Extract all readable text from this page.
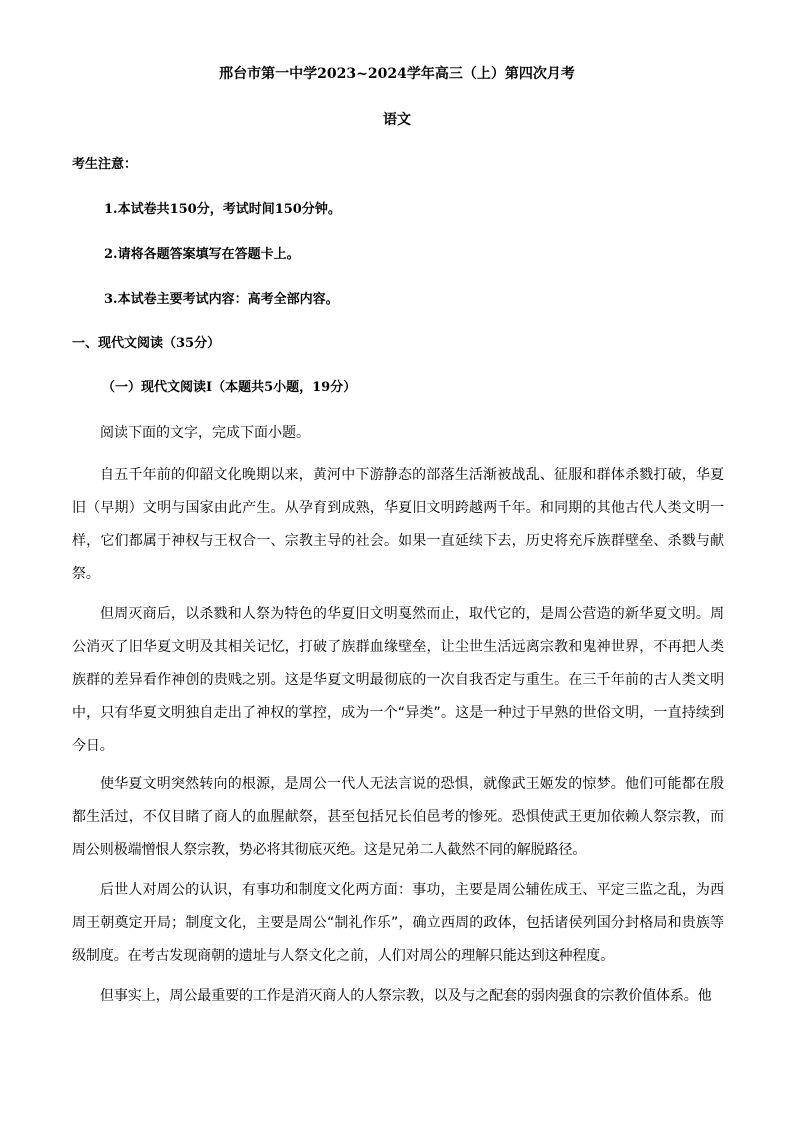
邢台市第一中学2023~2024学年高三（上）第四次月考
语文
考生注意：
1.本试卷共150分，考试时间150分钟。
2.请将各题答案填写在答题卡上。
3.本试卷主要考试内容：高考全部内容。
一、现代文阅读（35分）
（一）现代文阅读Ⅰ（本题共5小题，19分）
阅读下面的文字，完成下面小题。

自五千年前的仰韶文化晚期以来，黄河中下游静态的部落生活渐被战乱、征服和群体杀戮打破，华夏旧（早期）文明与国家由此产生。从孕育到成熟，华夏旧文明跨越两千年。和同期的其他古代人类文明一样，它们都属于神权与王权合一、宗教主导的社会。如果一直延续下去，历史将充斥族群壁垒、杀戮与献祭。

但周灭商后，以杀戮和人祭为特色的华夏旧文明戛然而止，取代它的，是周公营造的新华夏文明。周公消灭了旧华夏文明及其相关记忆，打破了族群血缘壁垒，让尘世生活远离宗教和鬼神世界，不再把人类族群的差异看作神创的贵贱之别。这是华夏文明最彻底的一次自我否定与重生。在三千年前的古人类文明中，只有华夏文明独自走出了神权的掌控，成为一个“异类”。这是一种过于早熟的世俗文明，一直持续到今日。

使华夏文明突然转向的根源，是周公一代人无法言说的恐惧，就像武王姬发的惊梦。他们可能都在殷都生活过，不仅目睹了商人的血腥献祭，甚至包括兄长伯邑考的惨死。恐惧使武王更加依赖人祭宗教，而周公则极端憎恨人祭宗教，势必将其彻底灭绝。这是兄弟二人截然不同的解脱路径。

后世人对周公的认识，有事功和制度文化两方面：事功，主要是周公辅佐成王、平定三监之乱，为西周王朝奠定开局；制度文化，主要是周公“制礼作乐”，确立西周的政体，包括诸侯列国分封格局和贵族等级制度。在考古发现商朝的遗址与人祭文化之前，人们对周公的理解只能达到这种程度。

但事实上，周公最重要的工作是消灭商人的人祭宗教，以及与之配套的弱肉强食的宗教价值体系。他
